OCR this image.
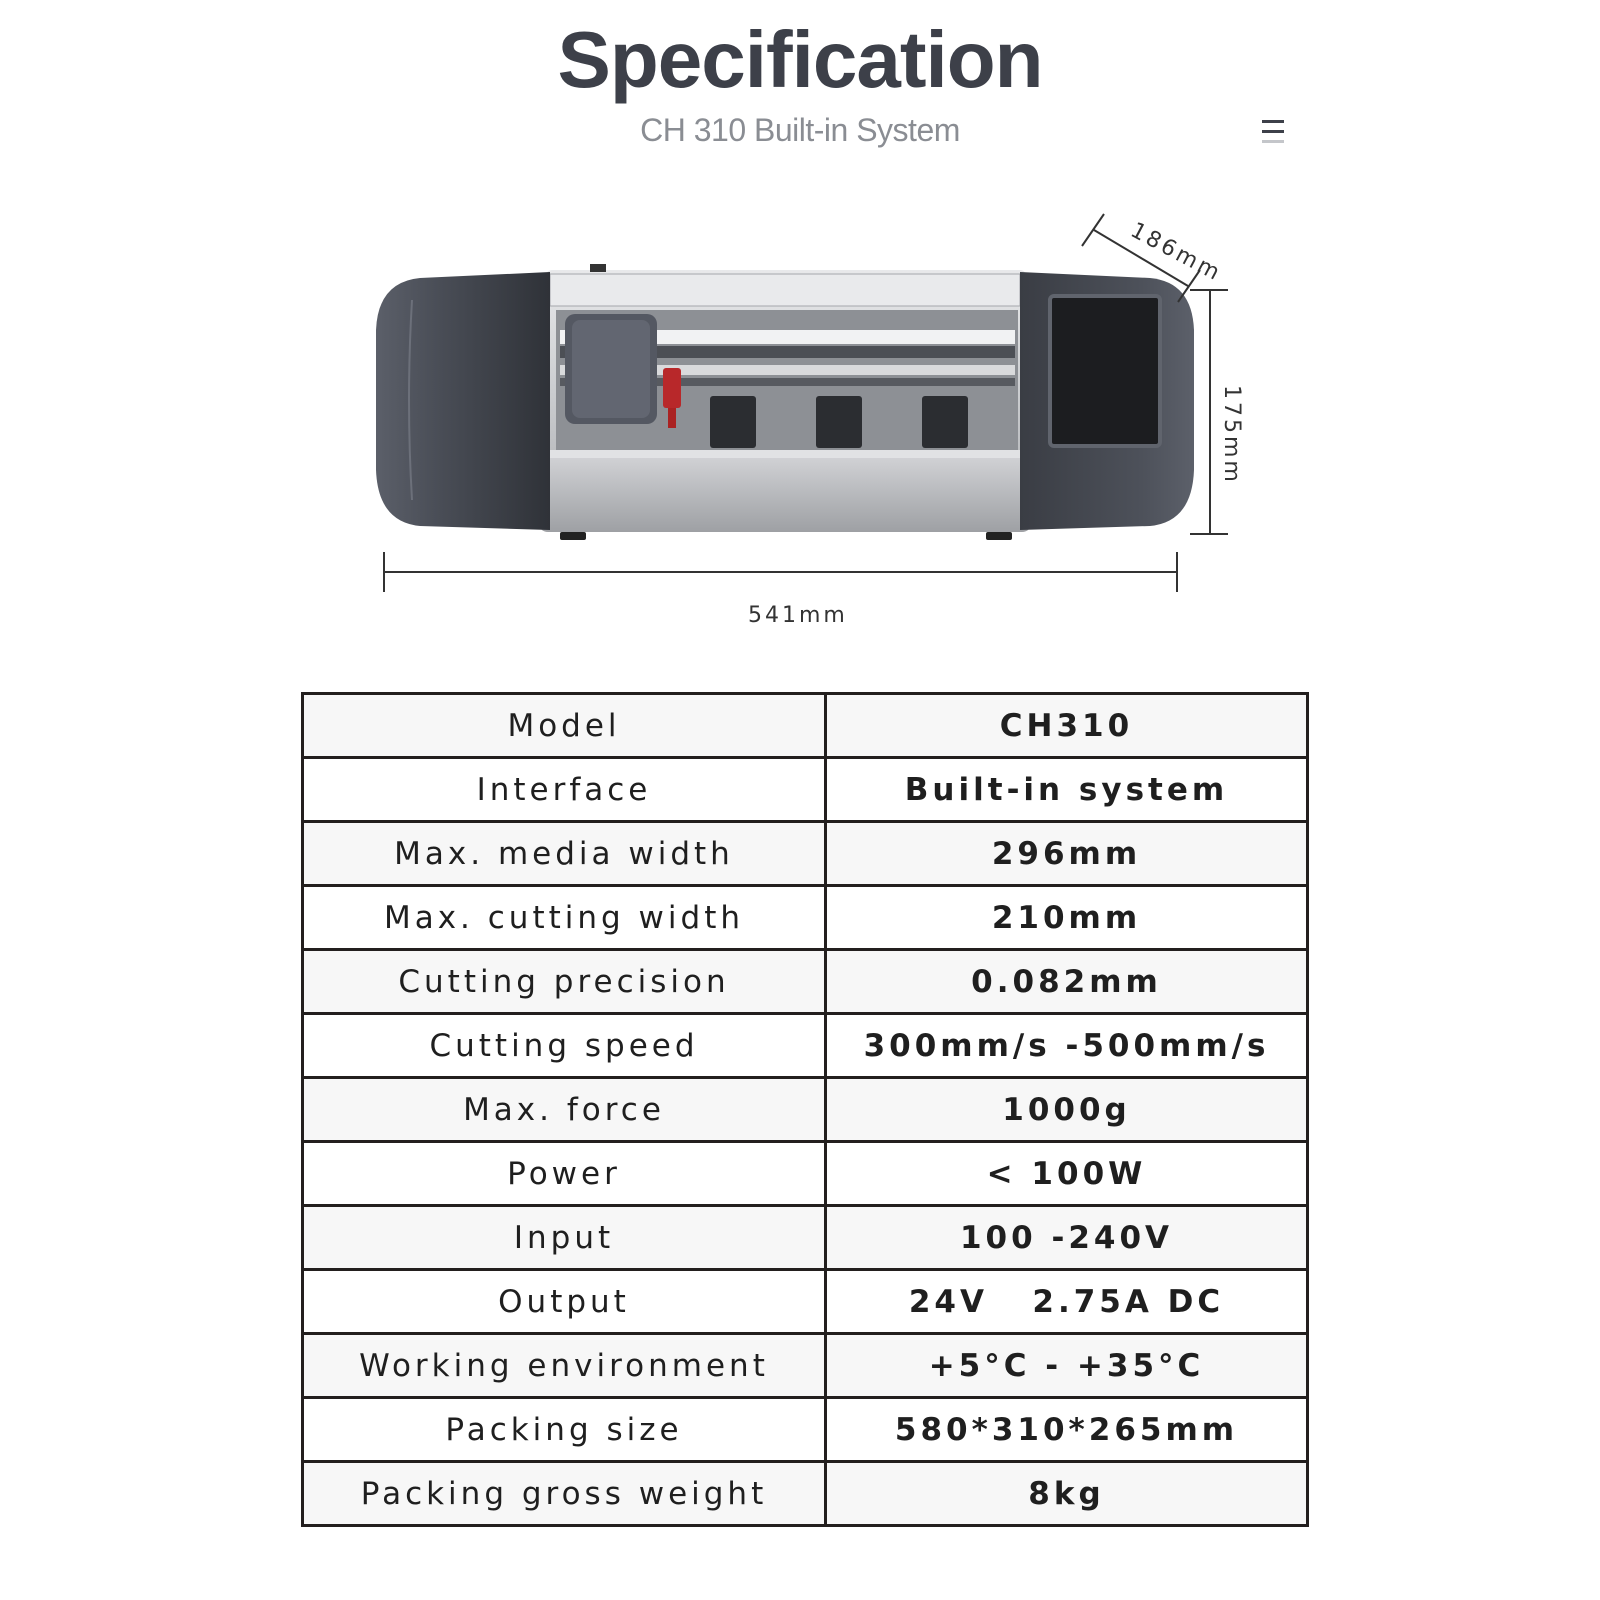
Specification
CH 310 Built-in System
541mm
175mm
186mm
Model	CH310
Interface	Built-in system
Max. media width	296mm
Max. cutting width	210mm
Cutting precision	0.082mm
Cutting speed	300mm/s -500mm/s
Max. force	1000g
Power	< 100W
Input	100 -240V
Output	24V   2.75A DC
Working environment	+5°C - +35°C
Packing size	580*310*265mm
Packing gross weight	8kg
